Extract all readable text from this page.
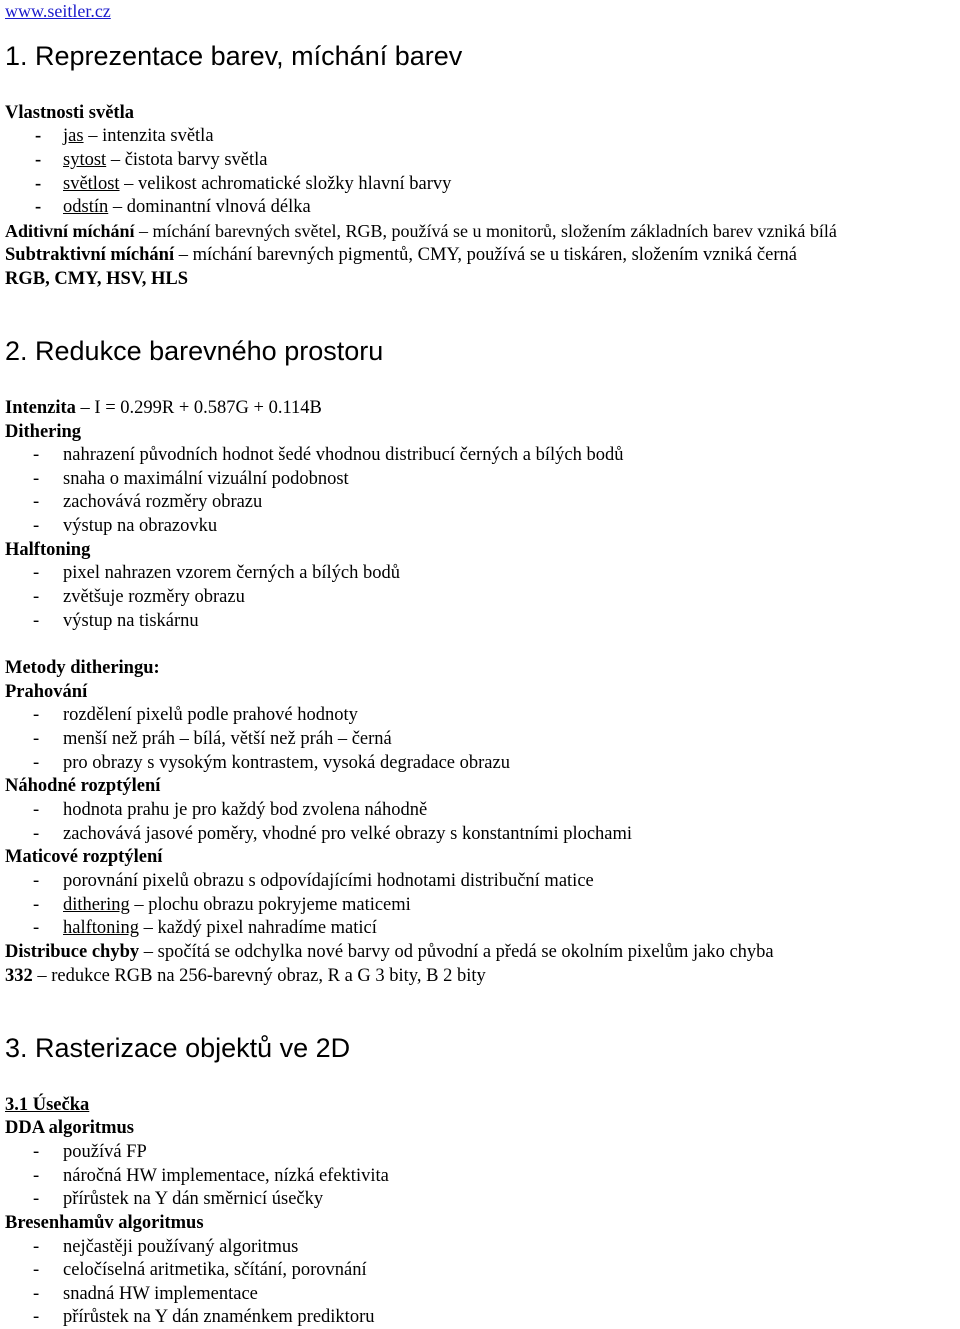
www.seitler.cz
1. Reprezentace barev, míchání barev
Vlastnosti světla
- jas – intenzita světla
- sytost – čistota barvy světla
- světlost – velikost achromatické složky hlavní barvy
- odstín – dominantní vlnová délka
Aditivní míchání – míchání barevných světel, RGB, používá se u monitorů, složením základních barev vzniká bílá
Subtraktivní míchání – míchání barevných pigmentů, CMY, používá se u tiskáren, složením vzniká černá
RGB, CMY, HSV, HLS
2. Redukce barevného prostoru
Intenzita – I = 0.299R + 0.587G + 0.114B
Dithering
- nahrazení původních hodnot šedé vhodnou distribucí černých a bílých bodů
- snaha o maximální vizuální podobnost
- zachovává rozměry obrazu
- výstup na obrazovku
Halftoning
- pixel nahrazen vzorem černých a bílých bodů
- zvětšuje rozměry obrazu
- výstup na tiskárnu
Metody ditheringu:
Prahování
- rozdělení pixelů podle prahové hodnoty
- menší než práh – bílá, větší než práh – černá
- pro obrazy s vysokým kontrastem, vysoká degradace obrazu
Náhodné rozptýlení
- hodnota prahu je pro každý bod zvolena náhodně
- zachovává jasové poměry, vhodné pro velké obrazy s konstantními plochami
Maticové rozptýlení
- porovnání pixelů obrazu s odpovídajícími hodnotami distribuční matice
- dithering – plochu obrazu pokryjeme maticemi
- halftoning – každý pixel nahradíme maticí
Distribuce chyby – spočítá se odchylka nové barvy od původní a předá se okolním pixelům jako chyba
332 – redukce RGB na 256-barevný obraz, R a G 3 bity, B 2 bity
3. Rasterizace objektů ve 2D
3.1 Úsečka
DDA algoritmus
- používá FP
- náročná HW implementace, nízká efektivita
- přírůstek na Y dán směrnicí úsečky
Bresenhamův algoritmus
- nejčastěji používaný algoritmus
- celočíselná aritmetika, sčítání, porovnání
- snadná HW implementace
- přírůstek na Y dán znaménkem prediktoru
